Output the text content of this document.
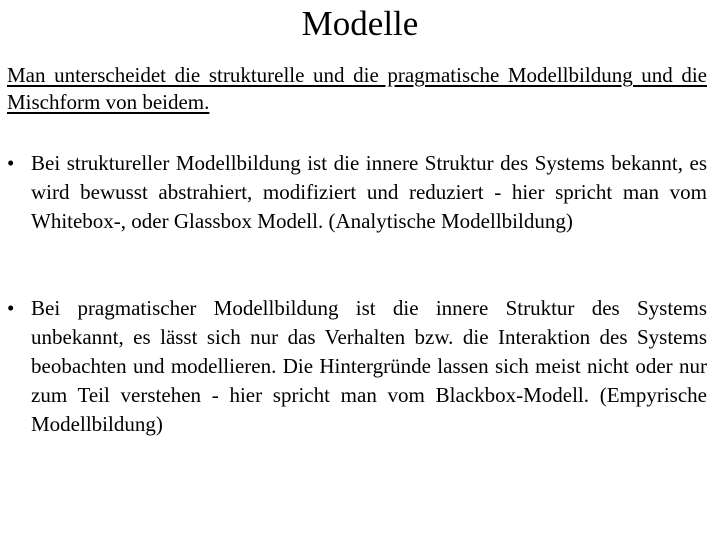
Modelle
Man unterscheidet die strukturelle und die pragmatische Modellbildung und die Mischform von beidem.
• Bei struktureller Modellbildung ist die innere Struktur des Systems bekannt, es wird bewusst abstrahiert, modifiziert und reduziert - hier spricht man vom Whitebox-, oder Glassbox Modell. (Analytische Modellbildung)
• Bei pragmatischer Modellbildung ist die innere Struktur des Systems unbekannt, es lässt sich nur das Verhalten bzw. die Interaktion des Systems beobachten und modellieren. Die Hintergründe lassen sich meist nicht oder nur zum Teil verstehen - hier spricht man vom Blackbox-Modell. (Empyrische Modellbildung)
